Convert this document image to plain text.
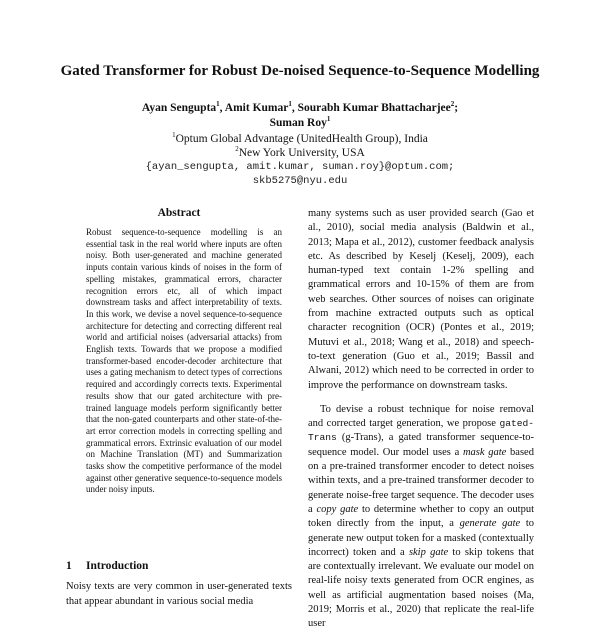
Gated Transformer for Robust De-noised Sequence-to-Sequence Modelling
Ayan Sengupta$^1$, Amit Kumar$^1$, Sourabh Kumar Bhattacharjee$^2$;
Suman Roy$^1$
$^1$Optum Global Advantage (UnitedHealth Group), India
$^2$New York University, USA
{ayan_sengupta, amit.kumar, suman.roy}@optum.com;
skb5275@nyu.edu
Abstract
Robust sequence-to-sequence modelling is an essential task in the real world where inputs are often noisy. Both user-generated and machine generated inputs contain various kinds of noises in the form of spelling mistakes, grammatical errors, character recognition errors etc, all of which impact downstream tasks and affect interpretability of texts. In this work, we devise a novel sequence-to-sequence architecture for detecting and correcting different real world and artificial noises (adversarial attacks) from English texts. Towards that we propose a modified transformer-based encoder-decoder architecture that uses a gating mechanism to detect types of corrections required and accordingly corrects texts. Experimental results show that our gated architecture with pre-trained language models perform significantly better that the non-gated counterparts and other state-of-the-art error correction models in correcting spelling and grammatical errors. Extrinsic evaluation of our model on Machine Translation (MT) and Summarization tasks show the competitive performance of the model against other generative sequence-to-sequence models under noisy inputs.
1 Introduction
Noisy texts are very common in user-generated texts that appear abundant in various social media

many systems such as user provided search (Gao et al., 2010), social media analysis (Baldwin et al., 2013; Mapa et al., 2012), customer feedback analysis etc. As described by Keselj (Keselj, 2009), each human-typed text contain 1-2% spelling and grammatical errors and 10-15% of them are from web searches. Other sources of noises can originate from machine extracted outputs such as optical character recognition (OCR) (Pontes et al., 2019; Mutuvi et al., 2018; Wang et al., 2018) and speech-to-text generation (Guo et al., 2019; Bassil and Alwani, 2012) which need to be corrected in order to improve the performance on downstream tasks.

To devise a robust technique for noise removal and corrected target generation, we propose gated-Trans (g-Trans), a gated transformer sequence-to-sequence model. Our model uses a mask gate based on a pre-trained transformer encoder to detect noises within texts, and a pre-trained transformer decoder to generate noise-free target sequence. The decoder uses a copy gate to determine whether to copy an output token directly from the input, a generate gate to generate new output token for a masked (contextually incorrect) token and a skip gate to skip tokens that are contextually irrelevant. We evaluate our model on real-life noisy texts generated from OCR engines, as well as artificial augmentation based noises (Ma, 2019; Morris et al., 2020) that replicate the real-life user
